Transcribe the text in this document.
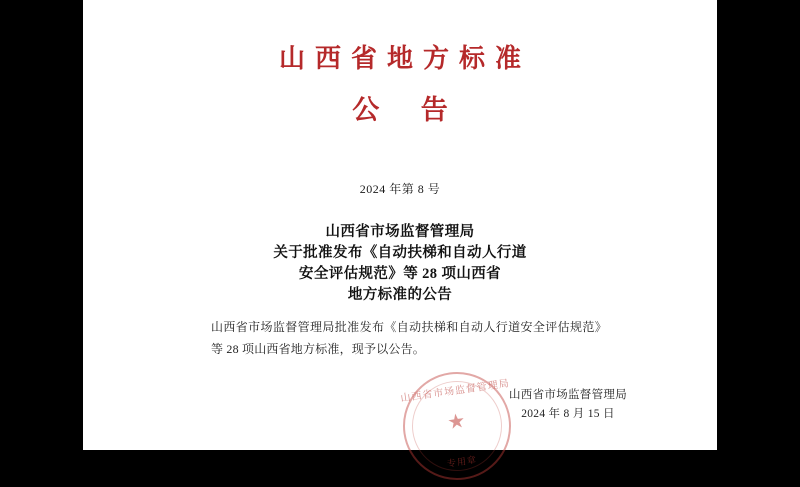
山西省地方标准
公 告
2024 年第 8 号
山西省市场监督管理局
关于批准发布《自动扶梯和自动人行道
安全评估规范》等 28 项山西省
地方标准的公告
山西省市场监督管理局批准发布《自动扶梯和自动人行道安全评估规范》等 28 项山西省地方标准，现予以公告。
山西省市场监督管理局
★
专用章
山西省市场监督管理局
2024 年 8 月 15 日
